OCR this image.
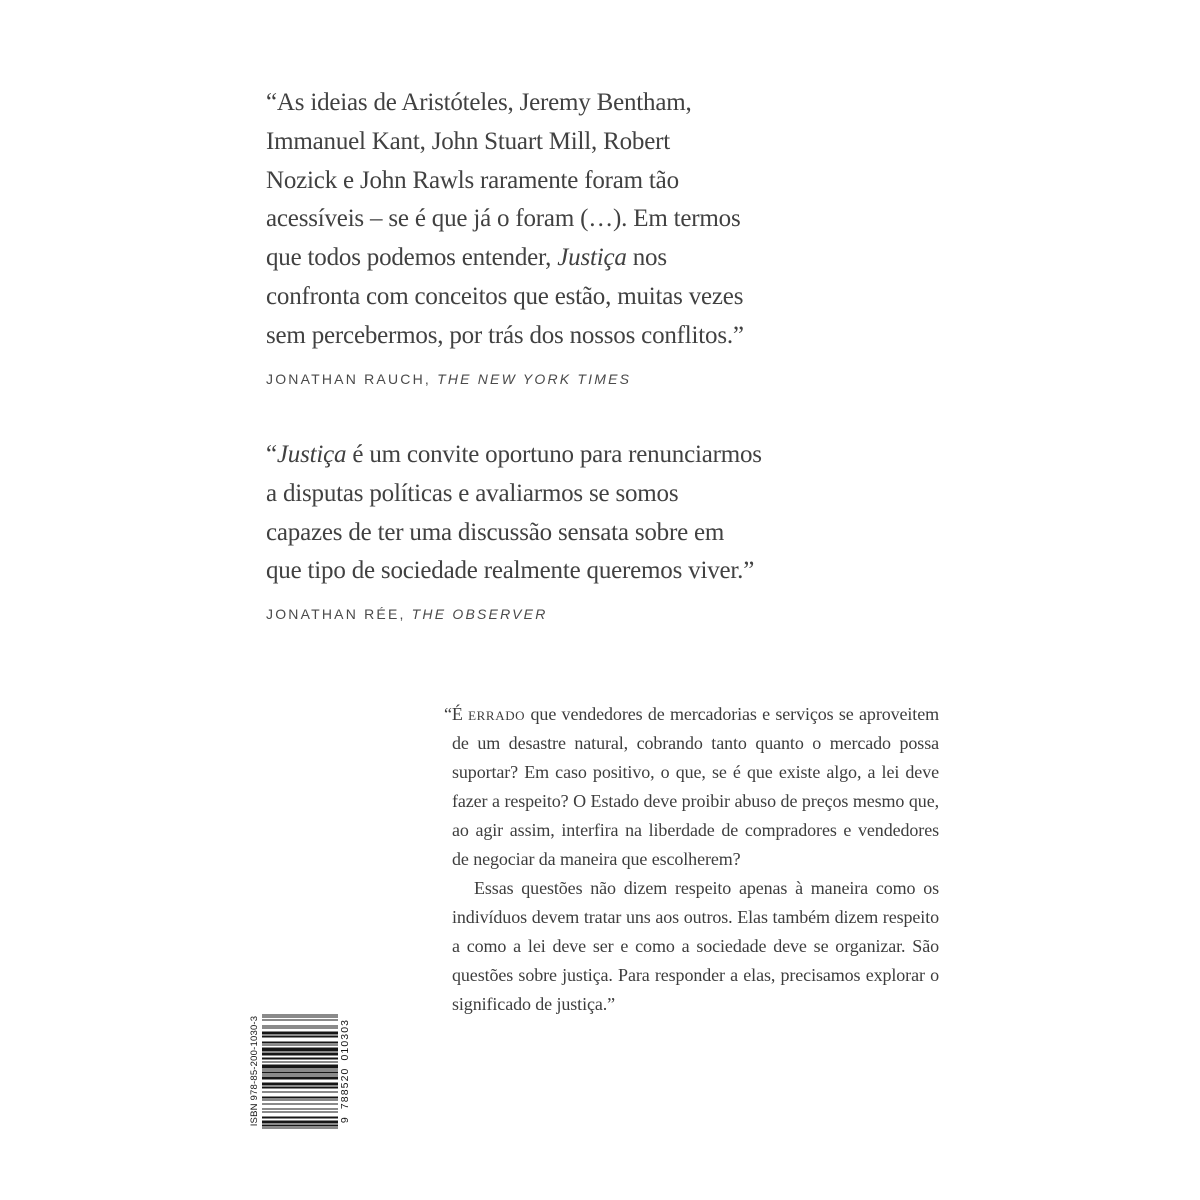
“As ideias de Aristóteles, Jeremy Bentham,
Immanuel Kant, John Stuart Mill, Robert
Nozick e John Rawls raramente foram tão
acessíveis – se é que já o foram (…). Em termos
que todos podemos entender, Justiça nos
confronta com conceitos que estão, muitas vezes
sem percebermos, por trás dos nossos conflitos.”
JONATHAN RAUCH, THE NEW YORK TIMES
“Justiça é um convite oportuno para renunciarmos
a disputas políticas e avaliarmos se somos
capazes de ter uma discussão sensata sobre em
que tipo de sociedade realmente queremos viver.”
JONATHAN RÉE, THE OBSERVER

“É errado que vendedores de mercadorias e serviços se aproveitem de um desastre natural, cobrando tanto quanto o mercado possa suportar? Em caso positivo, o que, se é que existe algo, a lei deve fazer a respeito? O Estado deve proibir abuso de preços mesmo que, ao agir assim, interfira na liberdade de compradores e vendedores de negociar da maneira que escolherem?

Essas questões não dizem respeito apenas à maneira como os indivíduos devem tratar uns aos outros. Elas também dizem respeito a como a lei deve ser e como a sociedade deve se organizar. São questões sobre justiça. Para responder a elas, precisamos explorar o significado de justiça.”

ISBN 978-85-200-1030-3	9 788520 010303
